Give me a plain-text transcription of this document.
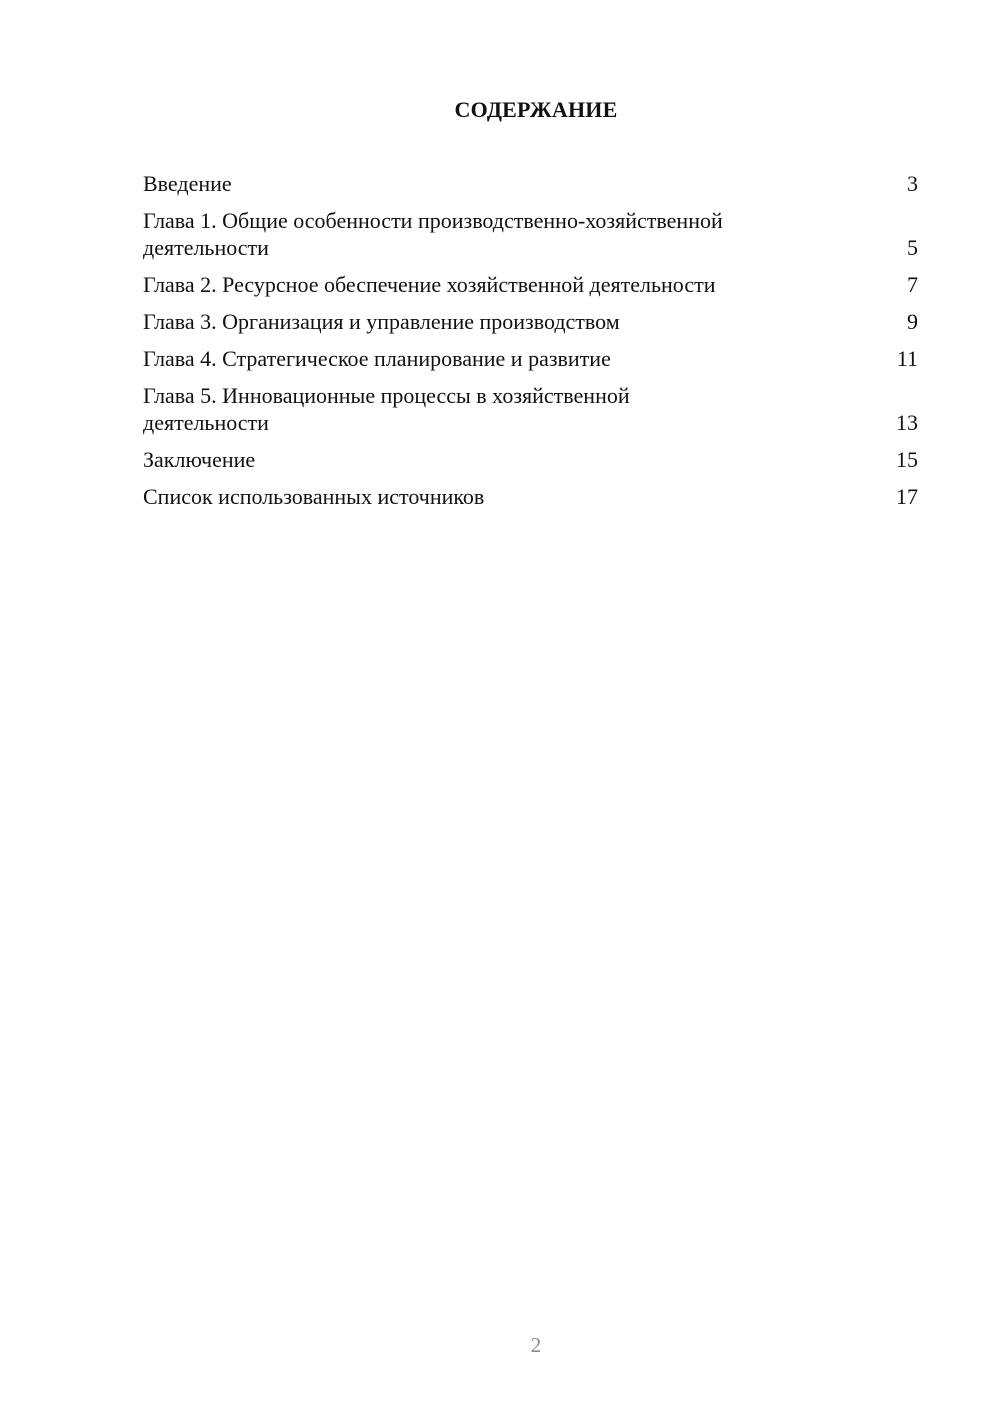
СОДЕРЖАНИЕ
Введение	3
Глава 1. Общие особенности производственно-хозяйственной
деятельности	5
Глава 2. Ресурсное обеспечение хозяйственной деятельности	7
Глава 3. Организация и управление производством	9
Глава 4. Стратегическое планирование и развитие	11
Глава 5. Инновационные процессы в хозяйственной
деятельности	13
Заключение	15
Список использованных источников	17
2
